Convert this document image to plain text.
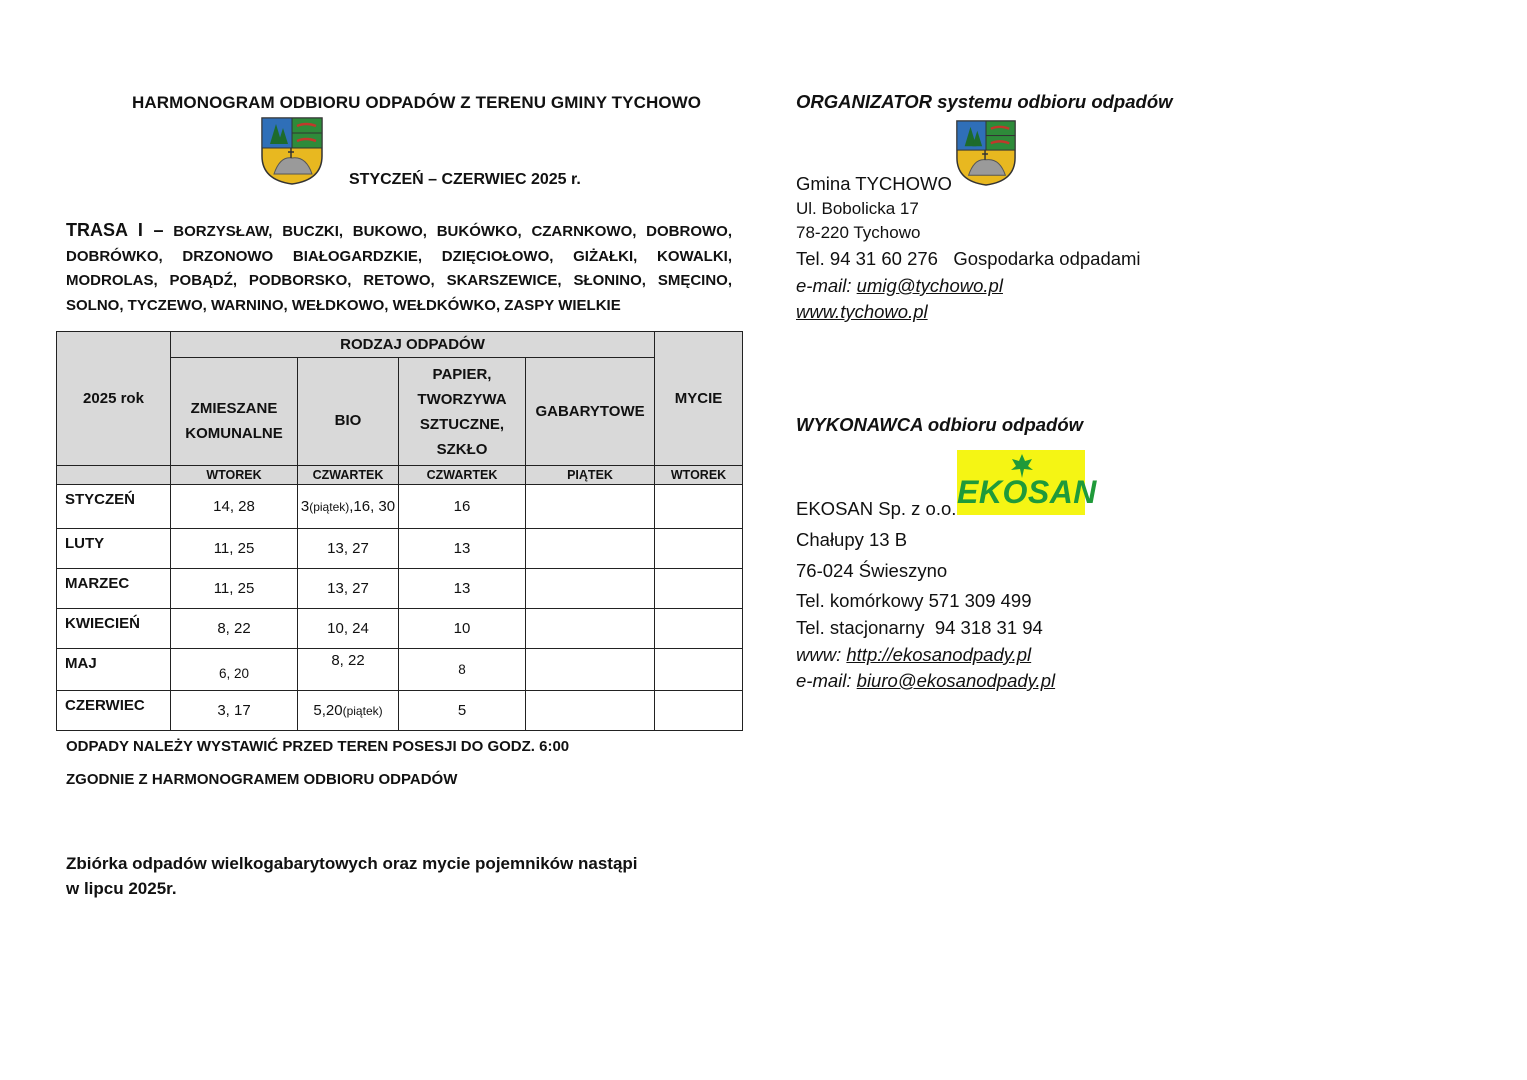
HARMONOGRAM ODBIORU ODPADÓW Z TERENU GMINY TYCHOWO
STYCZEŃ – CZERWIEC 2025 r.
TRASA I – BORZYSŁAW, BUCZKI, BUKOWO, BUKÓWKO, CZARNKOWO, DOBROWO, DOBRÓWKO, DRZONOWO BIAŁOGARDZKIE, DZIĘCIOŁOWO, GIŻAŁKI, KOWALKI, MODROLAS, POBĄDŹ, PODBORSKO, RETOWO, SKARSZEWICE, SŁONINO, SMĘCINO, SOLNO, TYCZEWO, WARNINO, WEŁDKOWO, WEŁDKÓWKO, ZASPY WIELKIE
2025 rok	RODZAJ ODPADÓW				MYCIE
	ZMIESZANE KOMUNALNE	BIO	PAPIER, TWORZYWA SZTUCZNE, SZKŁO	GABARYTOWE	
	WTOREK	CZWARTEK	CZWARTEK	PIĄTEK	WTOREK
STYCZEŃ	14, 28	3(piątek),16, 30	16		
LUTY	11, 25	13, 27	13		
MARZEC	11, 25	13, 27	13		
KWIECIEŃ	8, 22	10, 24	10		
MAJ	6, 20	8, 22	8		
CZERWIEC	3, 17	5,20(piątek)	5		
ODPADY NALEŻY WYSTAWIĆ PRZED TEREN POSESJI DO GODZ. 6:00
ZGODNIE Z HARMONOGRAMEM ODBIORU ODPADÓW
Zbiórka odpadów wielkogabarytowych oraz mycie pojemników nastąpi
w lipcu 2025r.
ORGANIZATOR systemu odbioru odpadów
Gmina TYCHOWO
Ul. Bobolicka 17
78-220 Tychowo
Tel. 94 31 60 276   Gospodarka odpadami
e-mail: umig@tychowo.pl
www.tychowo.pl
WYKONAWCA odbioru odpadów
EKOSAN
EKOSAN Sp. z o.o.
Chałupy 13 B
76-024 Świeszyno
Tel. komórkowy 571 309 499
Tel. stacjonarny  94 318 31 94
www: http://ekosanodpady.pl
e-mail: biuro@ekosanodpady.pl
